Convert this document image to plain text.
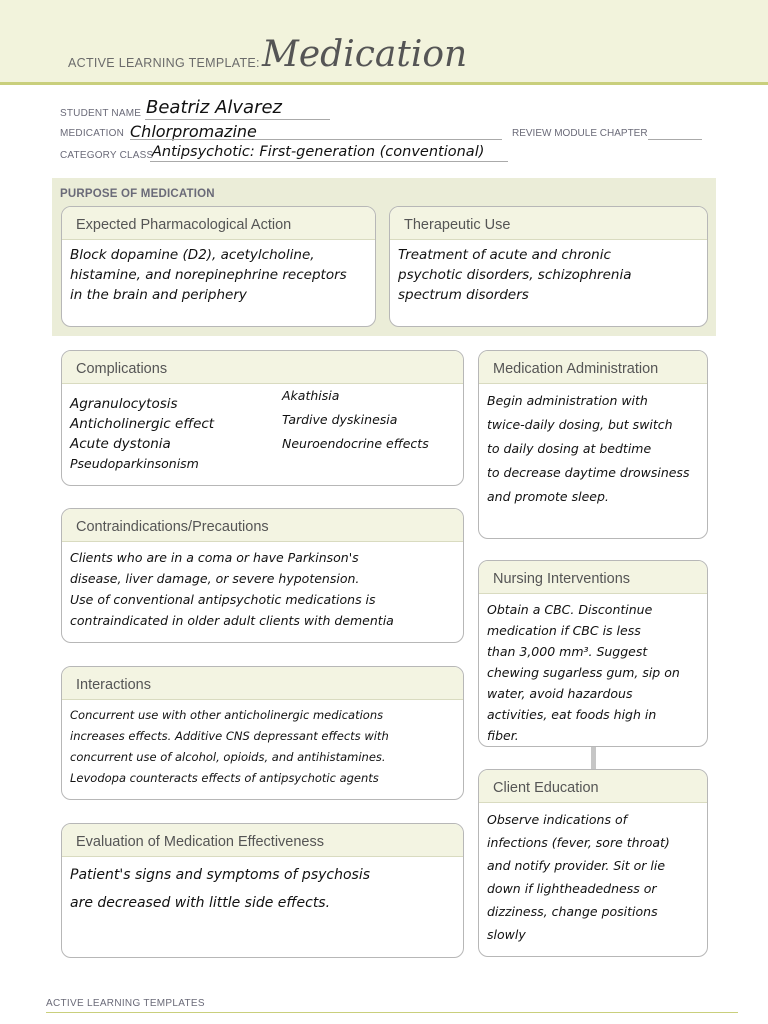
ACTIVE LEARNING TEMPLATE: Medication
STUDENT NAME Beatriz Alvarez
MEDICATION Chlorpromazine	REVIEW MODULE CHAPTER
CATEGORY CLASS
Antipsychotic: First-generation (conventional)
PURPOSE OF MEDICATION
Expected Pharmacological Action
Block dopamine (D2), acetylcholine,
histamine, and norepinephrine receptors
in the brain and periphery
Therapeutic Use
Treatment of acute and chronic
psychotic disorders, schizophrenia
spectrum disorders
Complications
Agranulocytosis
Anticholinergic effect
Acute dystonia
Pseudoparkinsonism
Akathisia
Tardive dyskinesia
Neuroendocrine effects
Medication Administration
Begin administration with
twice-daily dosing, but switch
to daily dosing at bedtime
to decrease daytime drowsiness
and promote sleep.
Contraindications/Precautions
Clients who are in a coma or have Parkinson's
disease, liver damage, or severe hypotension.
Use of conventional antipsychotic medications is
contraindicated in older adult clients with dementia
Nursing Interventions
Obtain a CBC. Discontinue
medication if CBC is less
than 3,000 mm³. Suggest
chewing sugarless gum, sip on
water, avoid hazardous
activities, eat foods high in
fiber.
Interactions
Concurrent use with other anticholinergic medications
increases effects. Additive CNS depressant effects with
concurrent use of alcohol, opioids, and antihistamines.
Levodopa counteracts effects of antipsychotic agents
Client Education
Observe indications of
infections (fever, sore throat)
and notify provider. Sit or lie
down if lightheadedness or
dizziness, change positions
slowly
Evaluation of Medication Effectiveness
Patient's signs and symptoms of psychosis
are decreased with little side effects.
ACTIVE LEARNING TEMPLATES
